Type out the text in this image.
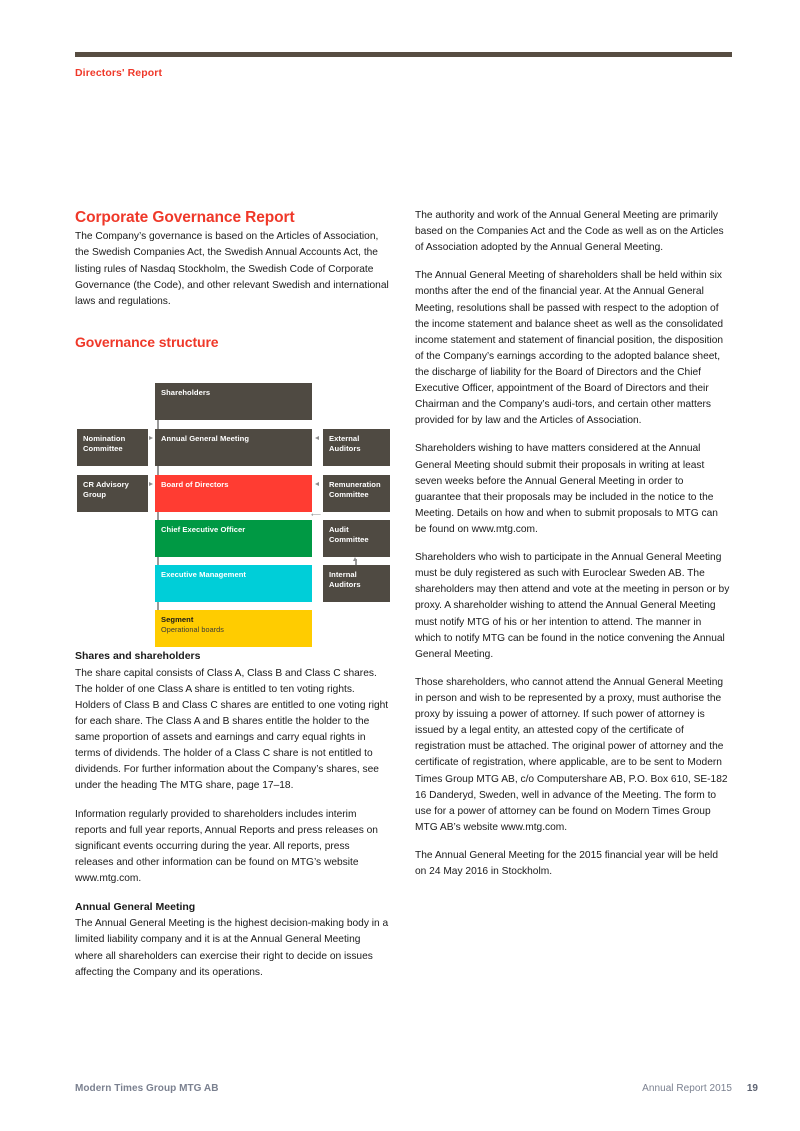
Directors' Report
Corporate Governance Report

The Company’s governance is based on the Articles of Association, the Swedish Companies Act, the Swedish Annual Accounts Act, the listing rules of Nasdaq Stockholm, the Swedish Code of Corporate Governance (the Code), and other relevant Swedish and international laws and regulations.

Governance structure
Shareholders
Nomination Committee
Annual General Meeting	External Auditors
CR Advisory Group
Board of Directors	Remuneration Committee
⟵
Chief Executive Officer	Audit Committee
Executive Management	Internal Auditors
Segment
Operational boards
Shares and shareholders

The share capital consists of Class A, Class B and Class C shares. The holder of one Class A share is entitled to ten voting rights. Holders of Class B and Class C shares are entitled to one voting right for each share. The Class A and B shares entitle the holder to the same proportion of assets and earnings and carry equal rights in terms of dividends. The holder of a Class C share is not entitled to dividends. For further information about the Company’s shares, see under the heading The MTG share, page 17–18.

Information regularly provided to shareholders includes interim reports and full year reports, Annual Reports and press releases on significant events occurring during the year. All reports, press releases and other information can be found on MTG’s website www.mtg.com.

Annual General Meeting

The Annual General Meeting is the highest decision-making body in a limited liability company and it is at the Annual General Meeting where all shareholders can exercise their right to decide on issues affecting the Company and its operations.

The authority and work of the Annual General Meeting are primarily based on the Companies Act and the Code as well as on the Articles of Association adopted by the Annual General Meeting.

The Annual General Meeting of shareholders shall be held within six months after the end of the financial year. At the Annual General Meeting, resolutions shall be passed with respect to the adoption of the income statement and balance sheet as well as the consolidated income statement and statement of financial position, the disposition of the Company’s earnings according to the adopted balance sheet, the discharge of liability for the Board of Directors and the Chief Executive Officer, appointment of the Board of Directors and their Chairman and the Company’s audi-tors, and certain other matters provided for by law and the Articles of Association.

Shareholders wishing to have matters considered at the Annual General Meeting should submit their proposals in writing at least seven weeks before the Annual General Meeting in order to guarantee that their proposals may be included in the notice to the Meeting. Details on how and when to submit proposals to MTG can be found on www.mtg.com.

Shareholders who wish to participate in the Annual General Meeting must be duly registered as such with Euroclear Sweden AB. The shareholders may then attend and vote at the meeting in person or by proxy. A shareholder wishing to attend the Annual General Meeting must notify MTG of his or her intention to attend. The manner in which to notify MTG can be found in the notice convening the Annual General Meeting.

Those shareholders, who cannot attend the Annual General Meeting in person and wish to be represented by a proxy, must authorise the proxy by issuing a power of attorney. If such power of attorney is issued by a legal entity, an attested copy of the certificate of registration must be attached. The original power of attorney and the certificate of registration, where applicable, are to be sent to Modern Times Group MTG AB, c/o Computershare AB, P.O. Box 610, SE-182 16 Danderyd, Sweden, well in advance of the Meeting. The form to use for a power of attorney can be found on Modern Times Group MTG AB’s website www.mtg.com.

The Annual General Meeting for the 2015 financial year will be held on 24 May 2016 in Stockholm.

Modern Times Group MTG AB	Annual Report 2015 19
